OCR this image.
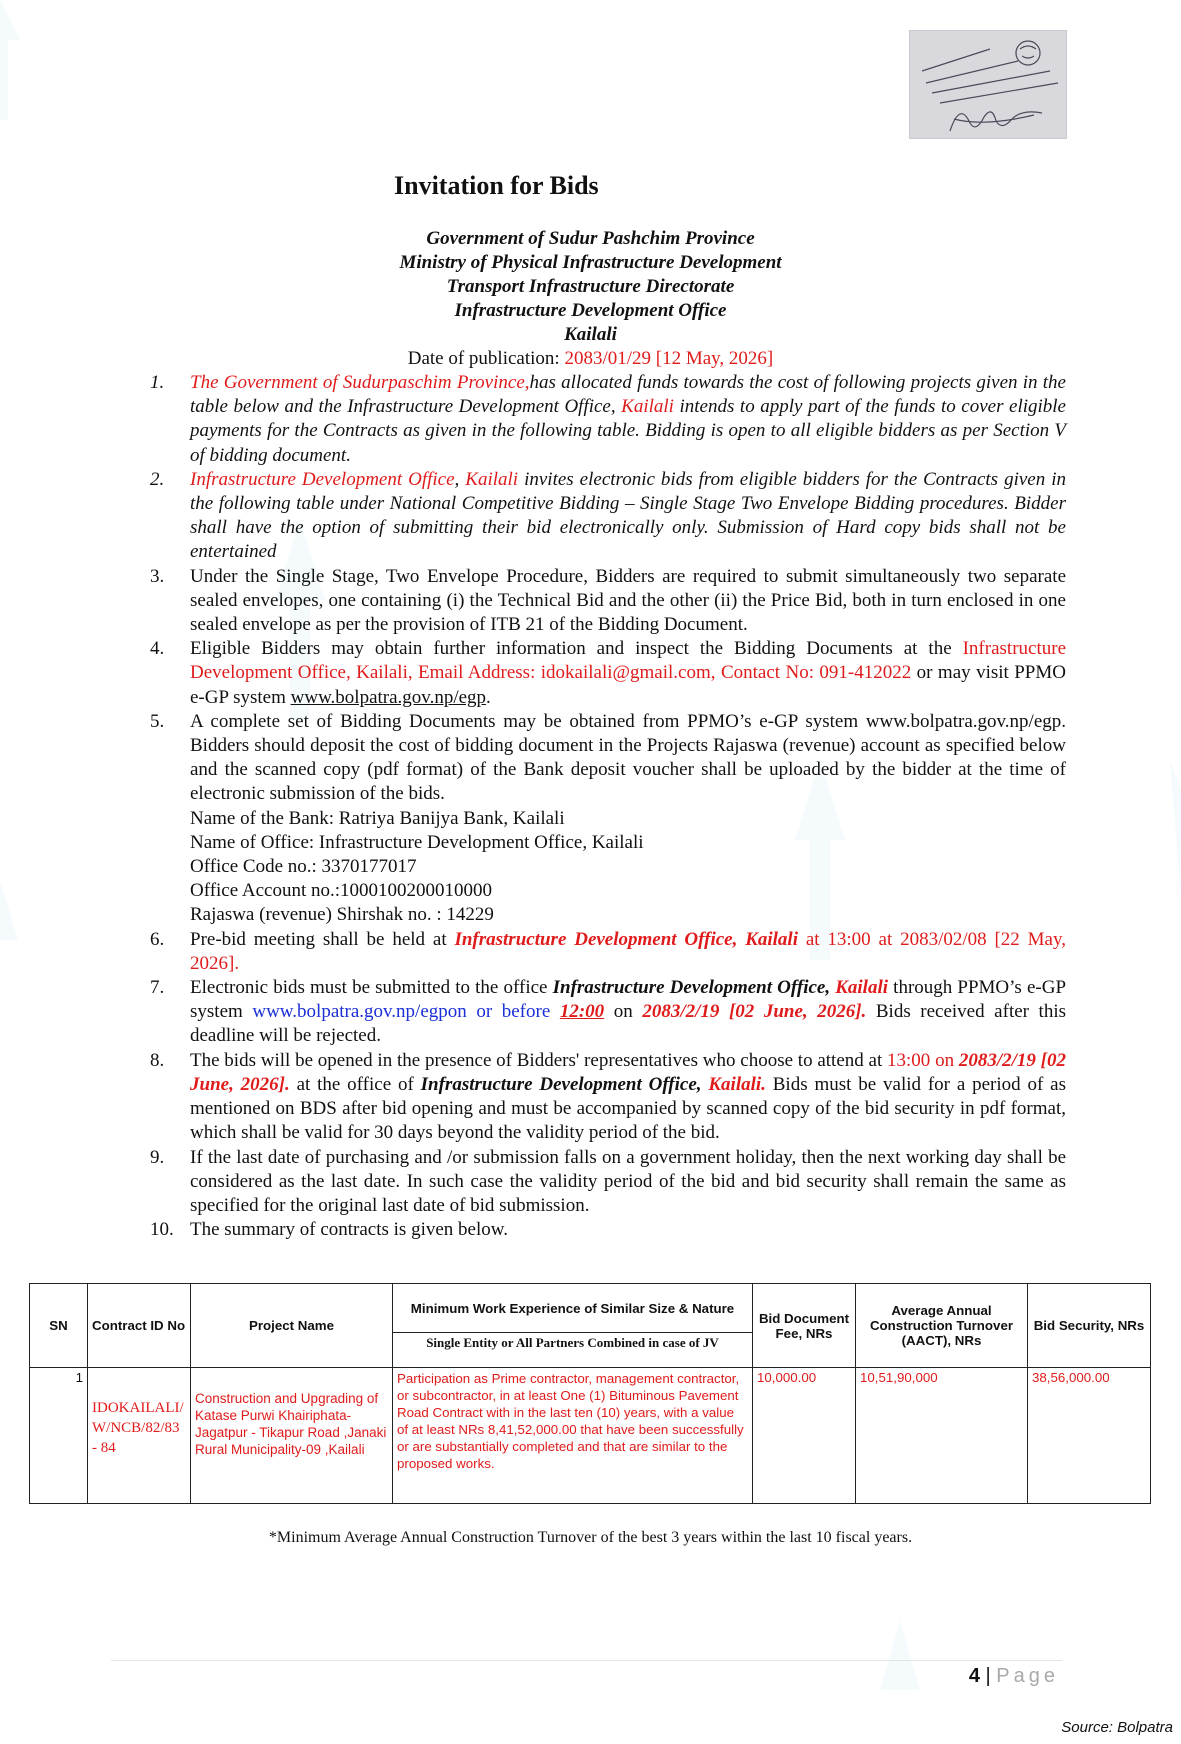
Invitation for Bids
Government of Sudur Pashchim Province
Ministry of Physical Infrastructure Development
Transport Infrastructure Directorate
Infrastructure Development Office
Kailali
Date of publication: 2083/01/29 [12 May, 2026]
1.	The Government of Sudurpaschim Province,has allocated funds towards the cost of following projects given in the table below and the Infrastructure Development Office, Kailali intends to apply part of the funds to cover eligible payments for the Contracts as given in the following table. Bidding is open to all eligible bidders as per Section V of bidding document.
2.	Infrastructure Development Office, Kailali invites electronic bids from eligible bidders for the Contracts given in the following table under National Competitive Bidding – Single Stage Two Envelope Bidding procedures. Bidder shall have the option of submitting their bid electronically only. Submission of Hard copy bids shall not be entertained
3.	Under the Single Stage, Two Envelope Procedure, Bidders are required to submit simultaneously two separate sealed envelopes, one containing (i) the Technical Bid and the other (ii) the Price Bid, both in turn enclosed in one sealed envelope as per the provision of ITB 21 of the Bidding Document.
4.	Eligible Bidders may obtain further information and inspect the Bidding Documents at the Infrastructure Development Office, Kailali, Email Address: idokailali@gmail.com, Contact No: 091-412022 or may visit PPMO e-GP system www.bolpatra.gov.np/egp.
5.	A complete set of Bidding Documents may be obtained from PPMO’s e-GP system www.bolpatra.gov.np/egp. Bidders should deposit the cost of bidding document in the Projects Rajaswa (revenue) account as specified below and the scanned copy (pdf format) of the Bank deposit voucher shall be uploaded by the bidder at the time of electronic submission of the bids.
Name of the Bank: Ratriya Banijya Bank, Kailali
Name of Office: Infrastructure Development Office, Kailali
Office Code no.: 3370177017
Office Account no.:1000100200010000
Rajaswa (revenue) Shirshak no. : 14229
6.	Pre-bid meeting shall be held at Infrastructure Development Office, Kailali at 13:00 at 2083/02/08 [22 May, 2026].
7.	Electronic bids must be submitted to the office Infrastructure Development Office, Kailali through PPMO’s e-GP system www.bolpatra.gov.np/egpon or before 12:00 on 2083/2/19 [02 June, 2026]. Bids received after this deadline will be rejected.
8.	The bids will be opened in the presence of Bidders' representatives who choose to attend at 13:00 on 2083/2/19 [02 June, 2026]. at the office of Infrastructure Development Office, Kailali. Bids must be valid for a period of as mentioned on BDS after bid opening and must be accompanied by scanned copy of the bid security in pdf format, which shall be valid for 30 days beyond the validity period of the bid.
9.	If the last date of purchasing and /or submission falls on a government holiday, then the next working day shall be considered as the last date. In such case the validity period of the bid and bid security shall remain the same as specified for the original last date of bid submission.
10. The summary of contracts is given below.
SN	Contract ID No	Project Name	Minimum Work Experience of Similar Size & Nature	Bid Document Fee, NRs	Average Annual Construction Turnover (AACT), NRs	Bid Security, NRs
			Single Entity or All Partners Combined in case of JV			
1	IDOKAILALI/W/NCB/82/83 - 84	Construction and Upgrading of Katase Purwi Khairiphata-Jagatpur - Tikapur Road ,Janaki Rural Municipality-09 ,Kailali	Participation as Prime contractor, management contractor, or subcontractor, in at least One (1) Bituminous Pavement Road Contract with in the last ten (10) years, with a value of at least NRs 8,41,52,000.00 that have been successfully or are substantially completed and that are similar to the proposed works.	10,000.00	10,51,90,000	38,56,000.00
*Minimum Average Annual Construction Turnover of the best 3 years within the last 10 fiscal years.
4 | Page
Source: Bolpatra
